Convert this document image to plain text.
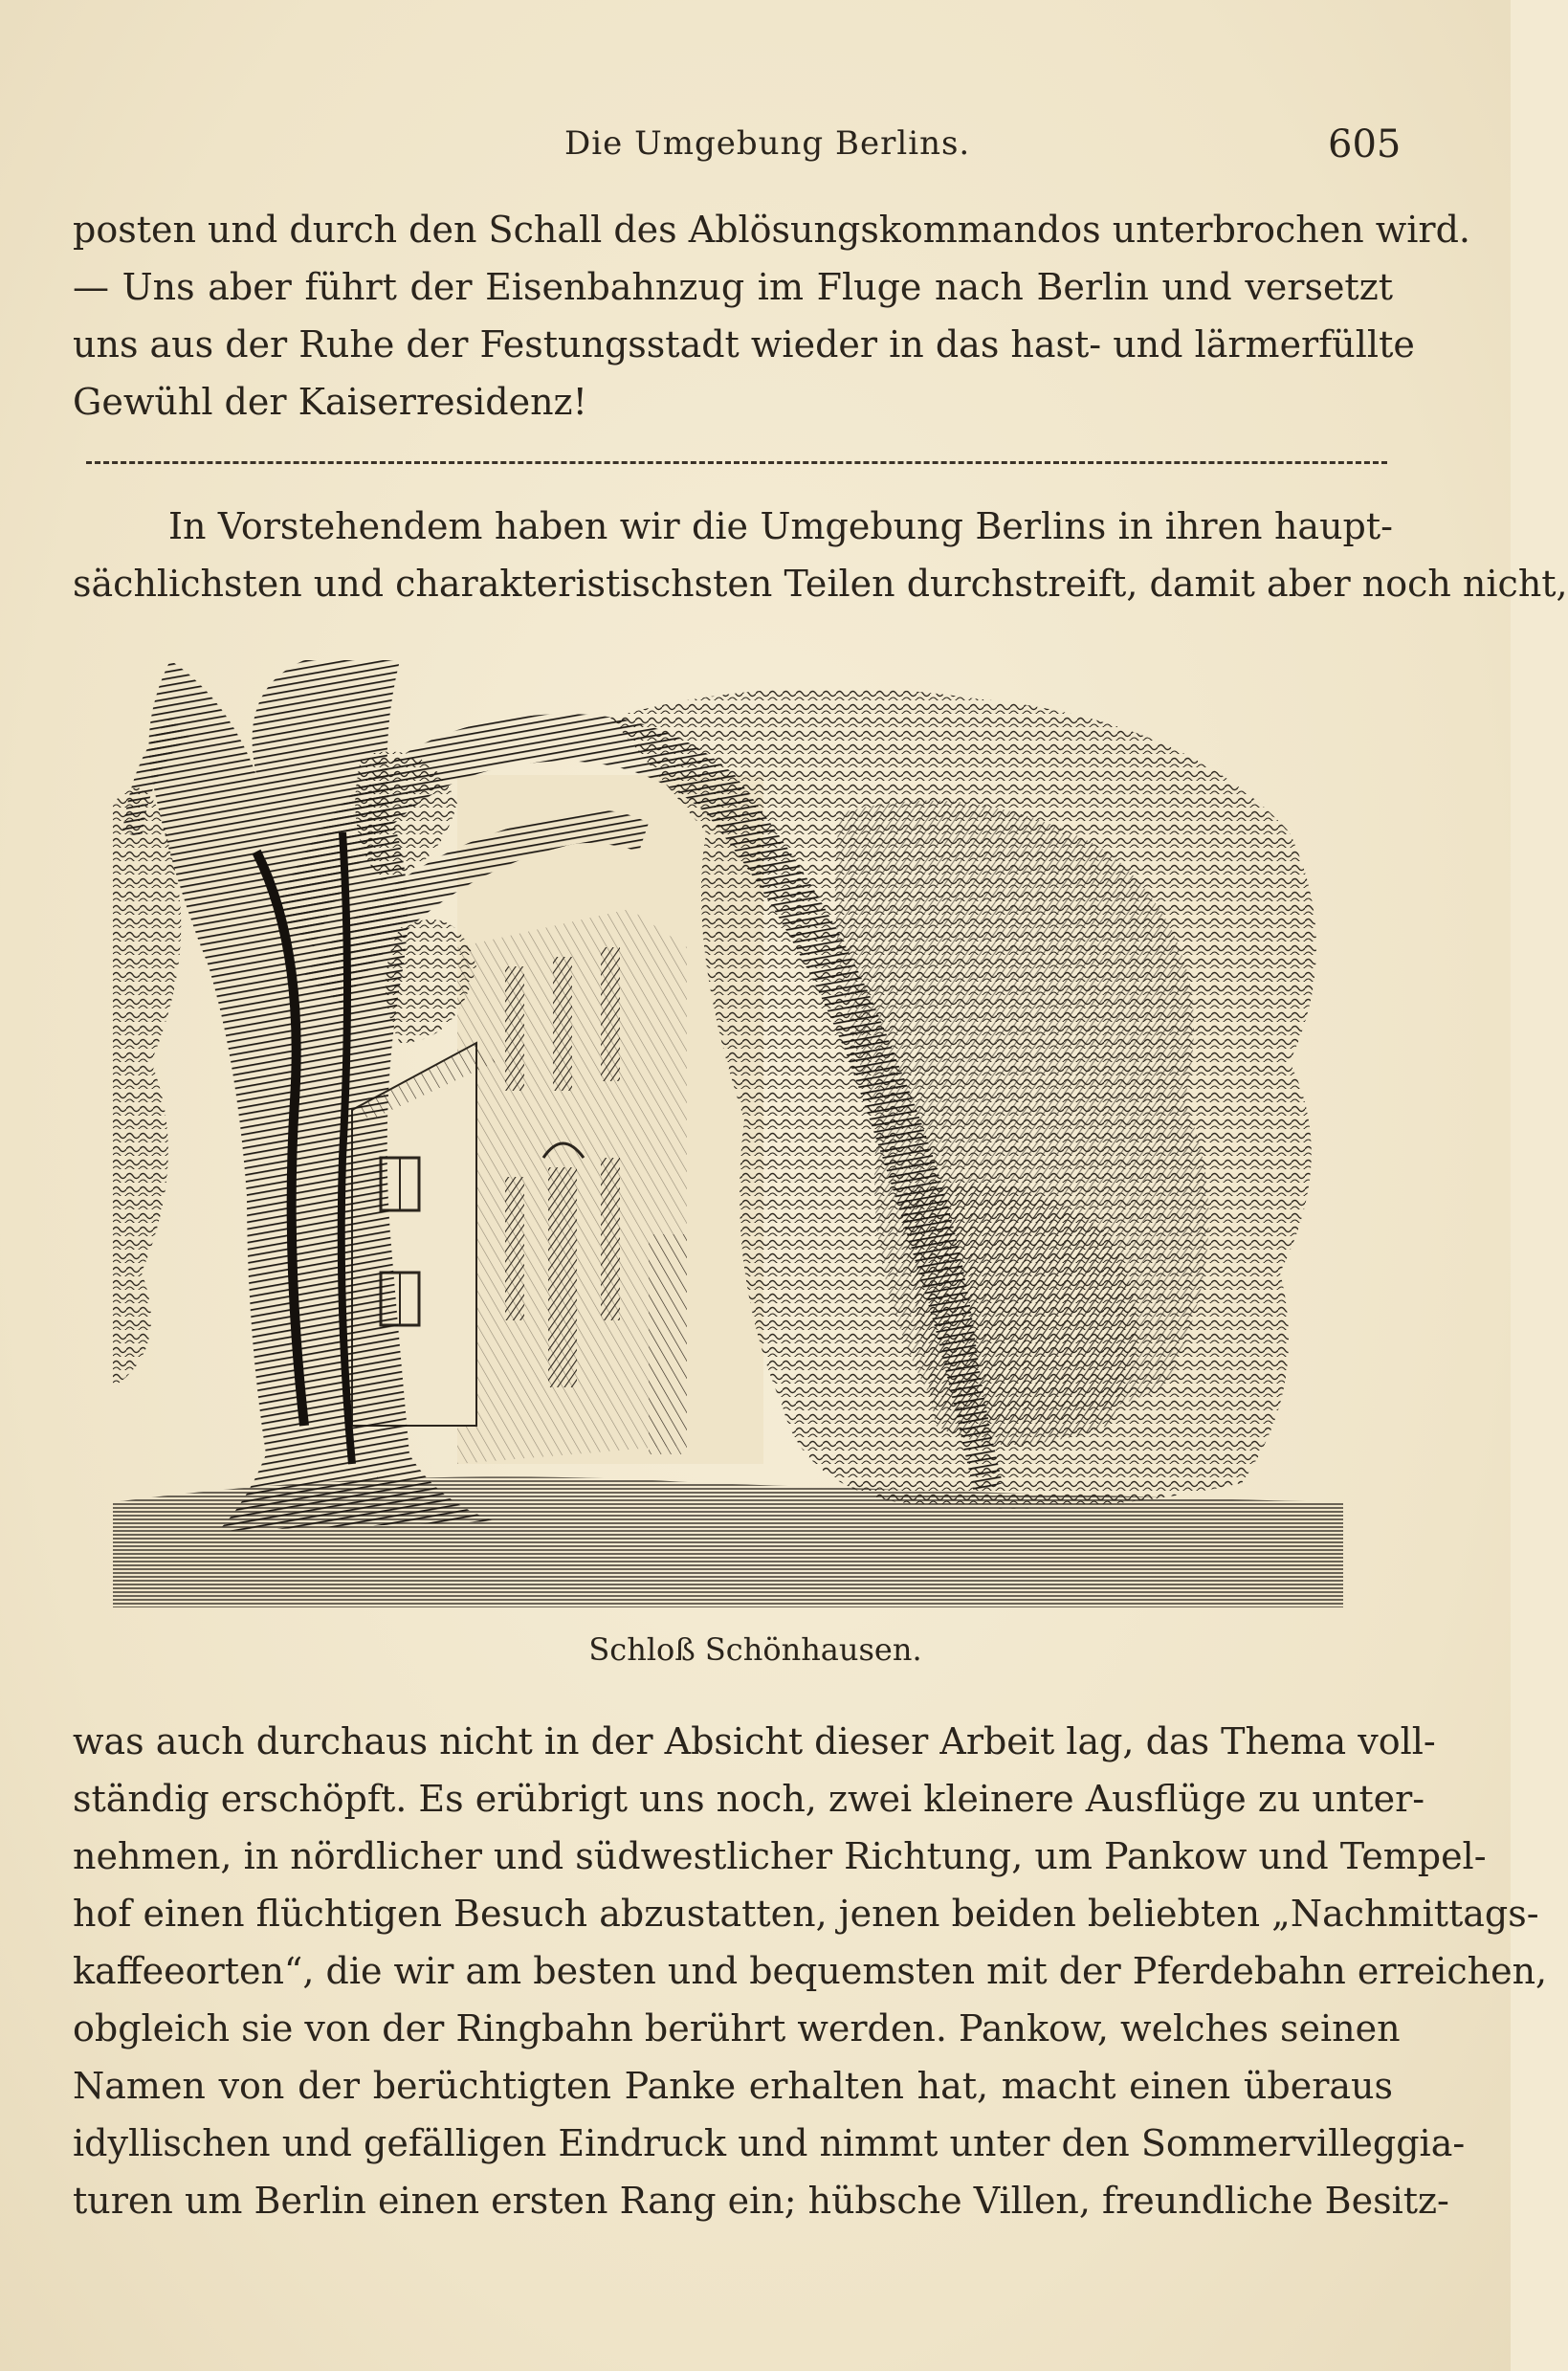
Die Umgebung Berlins.	605
posten und durch den Schall des Ablösungskommandos unterbrochen wird.
— Uns aber führt der Eisenbahnzug im Fluge nach Berlin und versetzt
uns aus der Ruhe der Festungsstadt wieder in das hast- und lärmerfüllte
Gewühl der Kaiserresidenz!
In Vorstehendem haben wir die Umgebung Berlins in ihren haupt-
sächlichsten und charakteristischsten Teilen durchstreift, damit aber noch nicht,
Schloß Schönhausen.
was auch durchaus nicht in der Absicht dieser Arbeit lag, das Thema voll-
ständig erschöpft. Es erübrigt uns noch, zwei kleinere Ausflüge zu unter-
nehmen, in nördlicher und südwestlicher Richtung, um Pankow und Tempel-
hof einen flüchtigen Besuch abzustatten, jenen beiden beliebten „Nachmittags-
kaffeeorten“, die wir am besten und bequemsten mit der Pferdebahn erreichen,
obgleich sie von der Ringbahn berührt werden. Pankow, welches seinen
Namen von der berüchtigten Panke erhalten hat, macht einen überaus
idyllischen und gefälligen Eindruck und nimmt unter den Sommervilleggia-
turen um Berlin einen ersten Rang ein; hübsche Villen, freundliche Besitz-
